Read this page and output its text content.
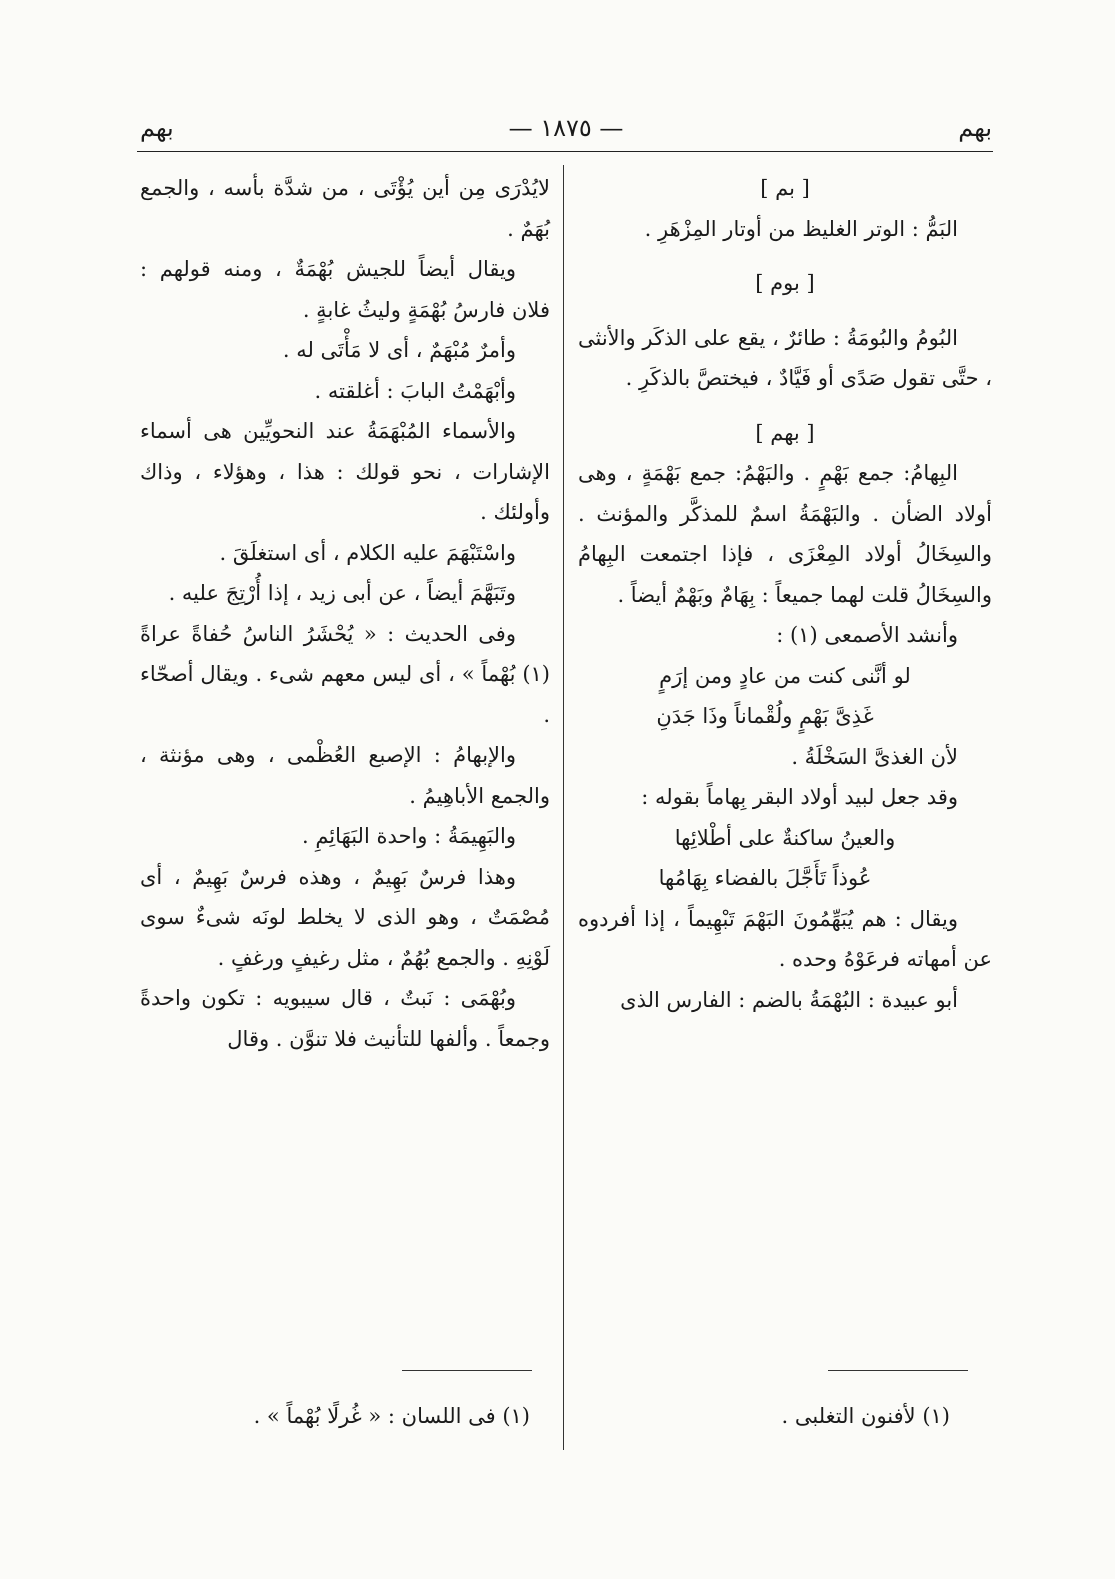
بهم
— ١٨٧٥ —
بهم

[ بم ]

البَمُّ : الوتر الغليظ من أوتار المِزْهَرِ .

[ بوم ]

البُومُ والبُومَةُ : طائرٌ ، يقع على الذكَر والأنثى ، حتَّى تقول صَدًى أو فَيَّادٌ ، فيختصَّ بالذكَرِ .

[ بهم ]

البِهامُ: جمع بَهْمٍ . والبَهْمُ: جمع بَهْمَةٍ ، وهى أولاد الضأن . والبَهْمَةُ اسمٌ للمذكَّر والمؤنث . والسِخَالُ أولاد المِعْزَى ، فإذا اجتمعت البِهامُ والسِخَالُ قلت لهما جميعاً : بِهَامٌ وبَهْمٌ أيضاً .

وأنشد الأصمعى (١) :

لو أنَّنى كنت من عادٍ ومن إرَمٍ

غَذِىَّ بَهْمٍ ولُقْماناً وذَا جَدَنِ

لأن الغذىَّ السَخْلَةُ .

وقد جعل لبيد أولاد البقر بِهاماً بقوله :

والعينُ ساكنةٌ على أطْلائِها

عُوذاً تَأَجَّلَ بالفضاء بِهَامُها

ويقال : هم يُبَهِّمُونَ البَهْمَ تَبْهِيماً ، إذا أفردوه عن أمهاته فرعَوْهُ وحده .

أبو عبيدة : البُهْمَةُ بالضم : الفارس الذى

لايُدْرَى مِن أين يُؤْتَى ، من شدَّة بأسه ، والجمع بُهَمٌ .

ويقال أيضاً للجيش بُهْمَةٌ ، ومنه قولهم : فلان فارسُ بُهْمَةٍ وليثُ غابةٍ .

وأمرٌ مُبْهَمٌ ، أى لا مَأْتَى له .

وأبْهَمْتُ البابَ : أغلقته .

والأسماء المُبْهَمَةُ عند النحويِّين هى أسماء الإشارات ، نحو قولك : هذا ، وهؤلاء ، وذاك وأولئك .

واسْتَبْهَمَ عليه الكلام ، أى استغلَقَ .

وتَبَهَّمَ أيضاً ، عن أبى زيد ، إذا أُرْتِجَ عليه .

وفى الحديث : « يُحْشَرُ الناسُ حُفاةً عراةً (١) بُهْماً » ، أى ليس معهم شىء . ويقال أصحّاء .

والإبهامُ : الإصبع العُظْمى ، وهى مؤنثة ، والجمع الأباهِيمُ .

والبَهِيمَةُ : واحدة البَهَائِمِ .

وهذا فرسٌ بَهِيمٌ ، وهذه فرسٌ بَهِيمٌ ، أى مُصْمَتٌ ، وهو الذى لا يخلط لونَه شىءٌ سوى لَوْنِهِ . والجمع بُهُمٌ ، مثل رغيفٍ ورغفٍ .

وبُهْمَى : نَبتٌ ، قال سيبويه : تكون واحدةً وجمعاً . وألفها للتأنيث فلا تنوَّن . وقال

(١) لأفنون التغلبى .
(١) فى اللسان : « غُرلًا بُهْماً » .
